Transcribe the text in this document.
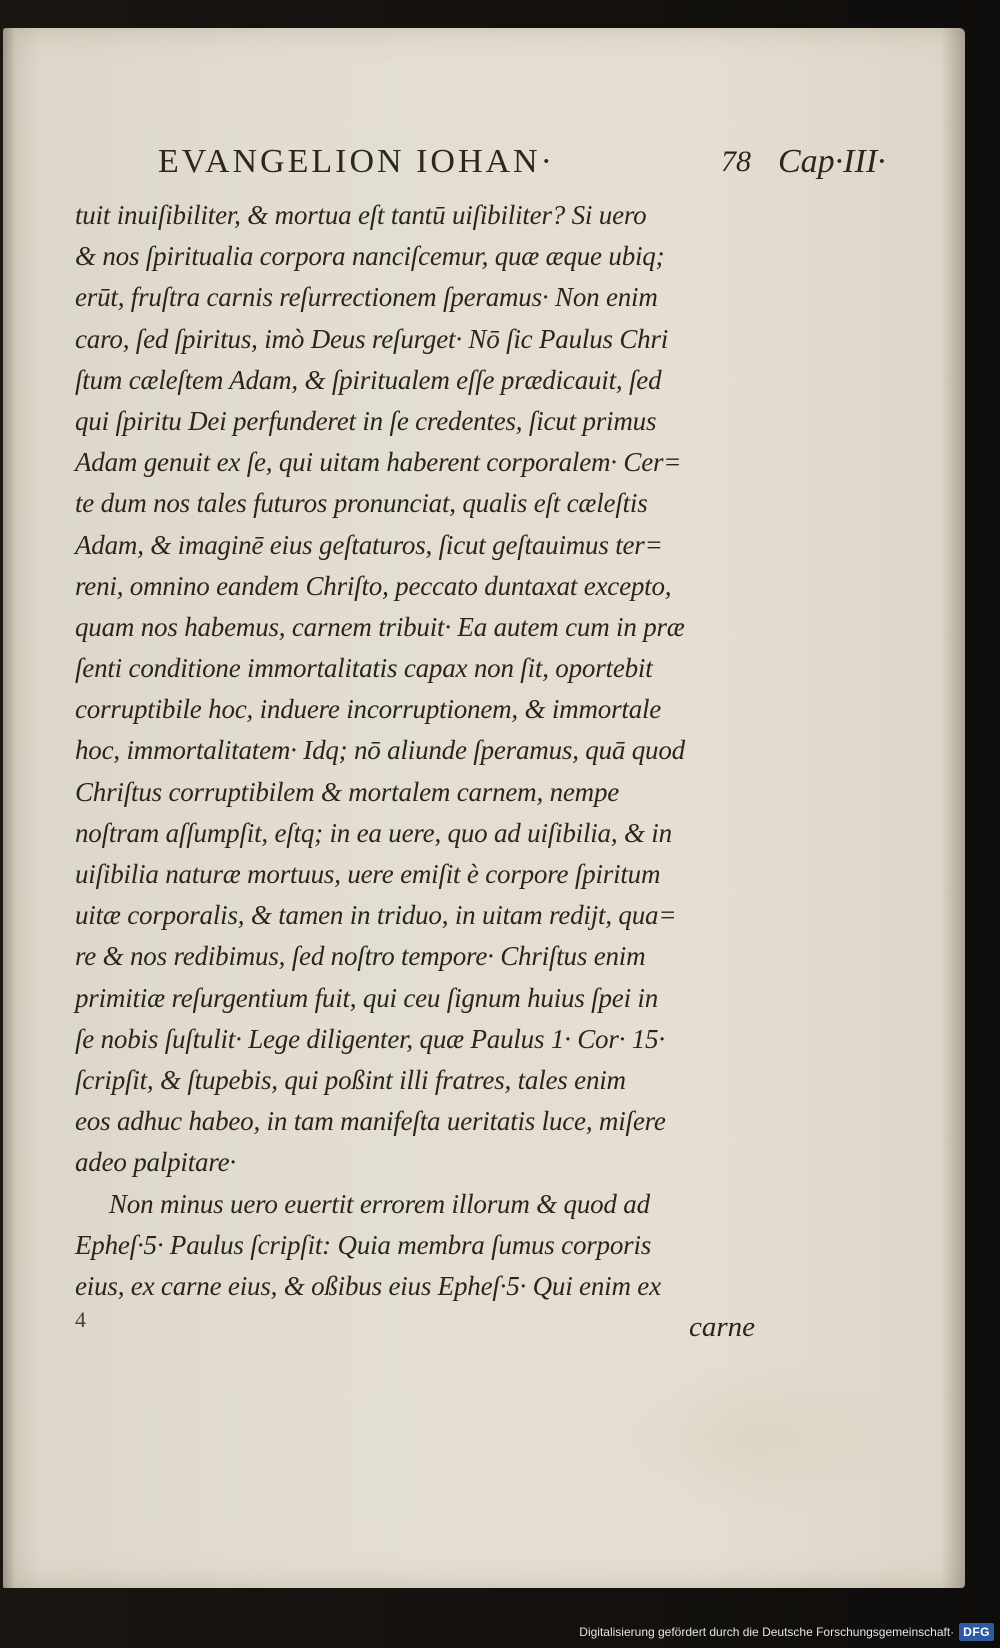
EVANGELION IOHAN·	78 Cap·III·
tuit inuiſibiliter, & mortua eſt tantū uiſibiliter? Si uero
& nos ſpiritualia corpora nanciſcemur, quæ æque ubiq;
erūt, fruſtra carnis reſurrectionem ſperamus· Non enim
caro, ſed ſpiritus, imò Deus reſurget· Nō ſic Paulus Chri
ſtum cæleſtem Adam, & ſpiritualem eſſe prædicauit, ſed
qui ſpiritu Dei perfunderet in ſe credentes, ſicut primus
Adam genuit ex ſe, qui uitam haberent corporalem· Cer=
te dum nos tales futuros pronunciat, qualis eſt cæleſtis
Adam, & imaginē eius geſtaturos, ſicut geſtauimus ter=
reni, omnino eandem Chriſto, peccato duntaxat excepto,
quam nos habemus, carnem tribuit· Ea autem cum in præ
ſenti conditione immortalitatis capax non ſit, oportebit
corruptibile hoc, induere incorruptionem, & immortale
hoc, immortalitatem· Idq; nō aliunde ſperamus, quā quod
Chriſtus corruptibilem & mortalem carnem, nempe
noſtram aſſumpſit, eſtq; in ea uere, quo ad uiſibilia, & in
uiſibilia naturæ mortuus, uere emiſit è corpore ſpiritum
uitæ corporalis, & tamen in triduo, in uitam redijt, qua=
re & nos redibimus, ſed noſtro tempore· Chriſtus enim
primitiæ reſurgentium fuit, qui ceu ſignum huius ſpei in
ſe nobis ſuſtulit· Lege diligenter, quæ Paulus 1· Cor· 15·
ſcripſit, & ſtupebis, qui poßint illi fratres, tales enim
eos adhuc habeo, in tam manifeſta ueritatis luce, miſere
adeo palpitare·
Non minus uero euertit errorem illorum & quod ad
Epheſ·5· Paulus ſcripſit: Quia membra ſumus corporis
eius, ex carne eius, & oßibus eius Epheſ·5· Qui enim ex
4	carne
Digitalisierung gefördert durch die Deutsche Forschungsgemeinschaft· DFG
